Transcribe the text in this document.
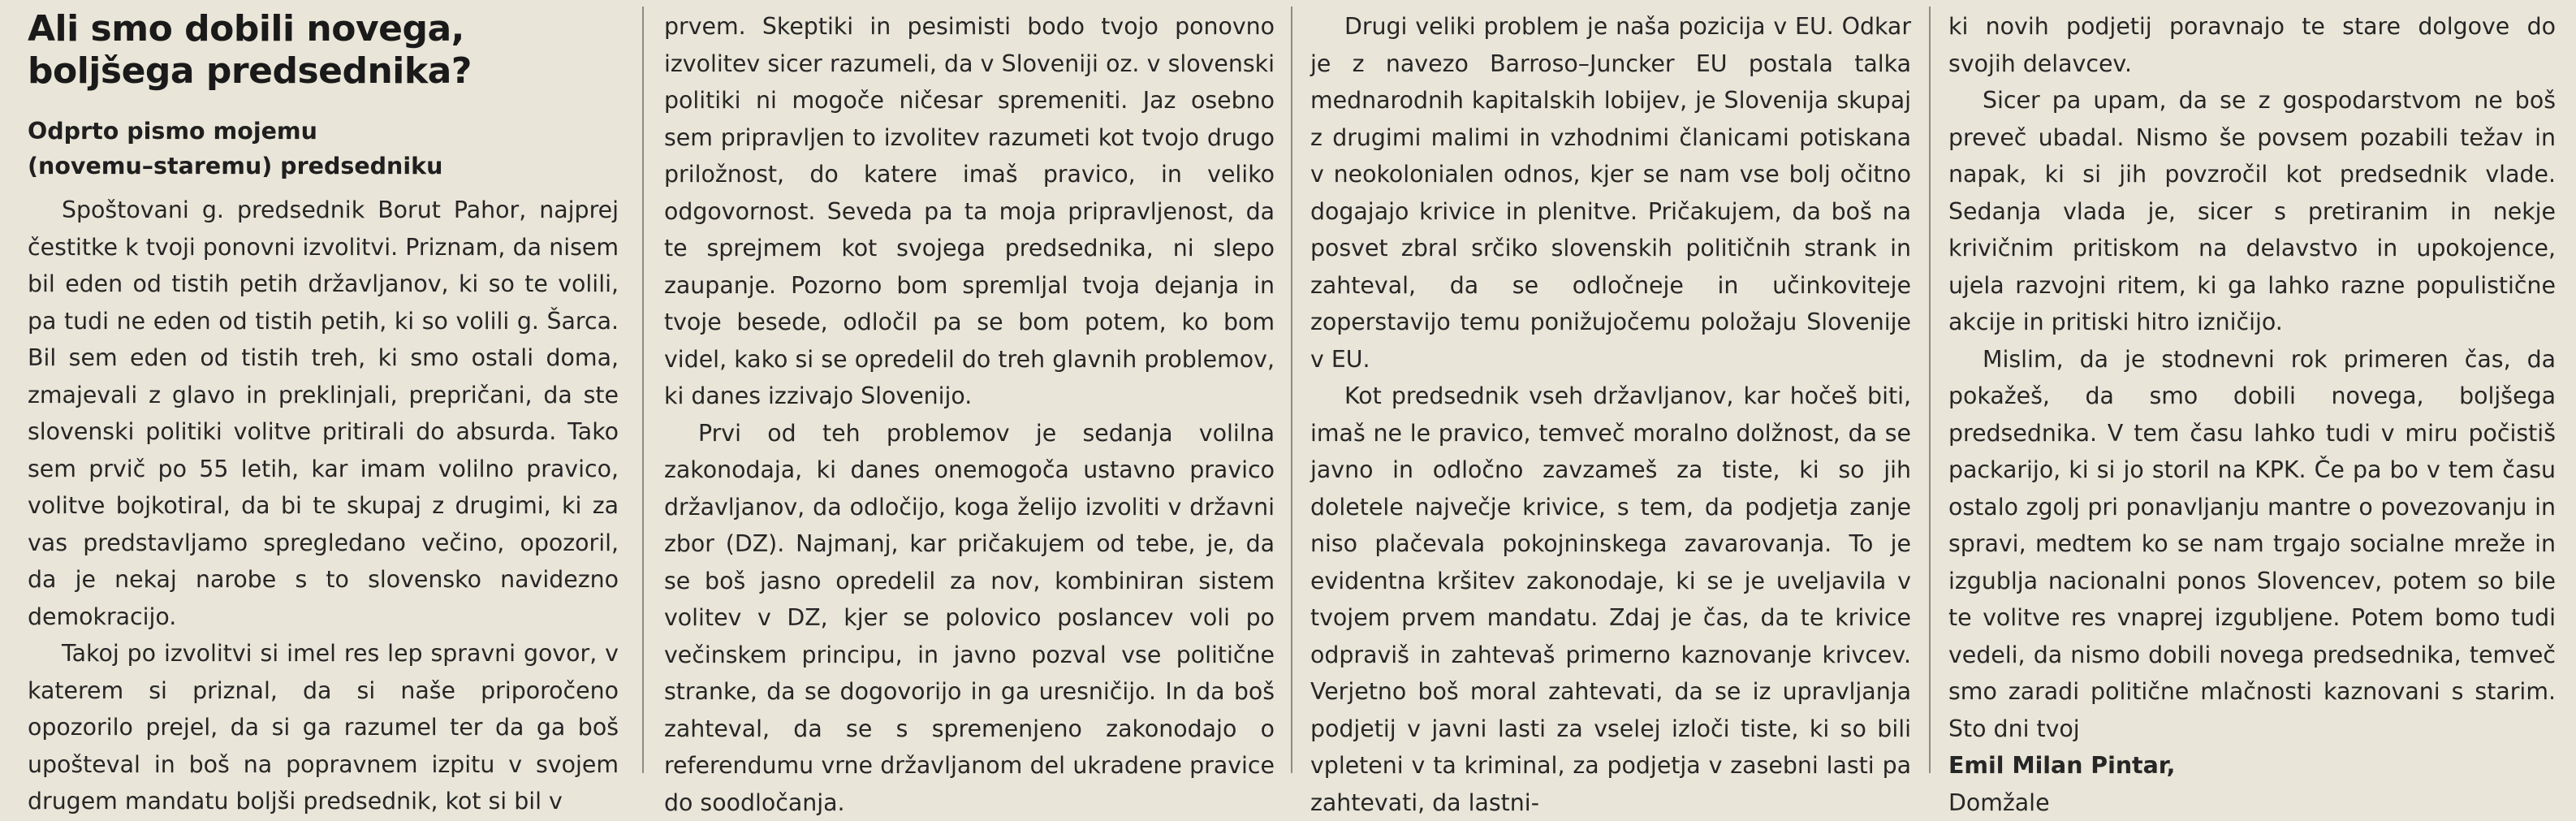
Ali smo dobili novega,
boljšega predsednika?
Odprto pismo mojemu
(novemu–staremu) predsedniku

Spoštovani g. predsednik Borut Pahor, najprej čestitke k tvoji ponovni izvolitvi. Priznam, da nisem bil eden od tistih petih državljanov, ki so te volili, pa tudi ne eden od tistih petih, ki so volili g. Šarca. Bil sem eden od tistih treh, ki smo ostali doma, zmajevali z glavo in preklinjali, prepričani, da ste slovenski politiki volitve pritirali do absurda. Tako sem prvič po 55 letih, kar imam volilno pravico, volitve bojkotiral, da bi te skupaj z drugimi, ki za vas predstavljamo spregledano večino, opozoril, da je nekaj narobe s to slovensko navidezno demokracijo.

Takoj po izvolitvi si imel res lep spravni govor, v katerem si priznal, da si naše priporočeno opozorilo prejel, da si ga razumel ter da ga boš upošteval in boš na popravnem izpitu v svojem drugem mandatu boljši predsednik, kot si bil v

prvem. Skeptiki in pesimisti bodo tvojo ponovno izvolitev sicer razumeli, da v Sloveniji oz. v slovenski politiki ni mogoče ničesar spremeniti. Jaz osebno sem pripravljen to izvolitev razumeti kot tvojo drugo priložnost, do katere imaš pravico, in veliko odgovornost. Seveda pa ta moja pripravljenost, da te sprejmem kot svojega predsednika, ni slepo zaupanje. Pozorno bom spremljal tvoja dejanja in tvoje besede, odločil pa se bom potem, ko bom videl, kako si se opredelil do treh glavnih problemov, ki danes izzivajo Slovenijo.

Prvi od teh problemov je sedanja volilna zakonodaja, ki danes onemogoča ustavno pravico državljanov, da odločijo, koga želijo izvoliti v državni zbor (DZ). Najmanj, kar pričakujem od tebe, je, da se boš jasno opredelil za nov, kombiniran sistem volitev v DZ, kjer se polovico poslancev voli po večinskem principu, in javno pozval vse politične stranke, da se dogovorijo in ga uresničijo. In da boš zahteval, da se s spremenjeno zakonodajo o referendumu vrne državljanom del ukradene pravice do soodločanja.

Drugi veliki problem je naša pozicija v EU. Odkar je z navezo Barroso–Juncker EU postala talka mednarodnih kapitalskih lobijev, je Slovenija skupaj z drugimi malimi in vzhodnimi članicami potiskana v neokolonialen odnos, kjer se nam vse bolj očitno dogajajo krivice in plenitve. Pričakujem, da boš na posvet zbral srčiko slovenskih političnih strank in zahteval, da se odločneje in učinkoviteje zoperstavijo temu ponižujočemu položaju Slovenije v EU.

Kot predsednik vseh državljanov, kar hočeš biti, imaš ne le pravico, temveč moralno dolžnost, da se javno in odločno zavzameš za tiste, ki so jih doletele največje krivice, s tem, da podjetja zanje niso plačevala pokojninskega zavarovanja. To je evidentna kršitev zakonodaje, ki se je uveljavila v tvojem prvem mandatu. Zdaj je čas, da te krivice odpraviš in zahtevaš primerno kaznovanje krivcev. Verjetno boš moral zahtevati, da se iz upravljanja podjetij v javni lasti za vselej izloči tiste, ki so bili vpleteni v ta kriminal, za podjetja v zasebni lasti pa zahtevati, da lastni-

ki novih podjetij poravnajo te stare dolgove do svojih delavcev.

Sicer pa upam, da se z gospodarstvom ne boš preveč ubadal. Nismo še povsem pozabili težav in napak, ki si jih povzročil kot predsednik vlade. Sedanja vlada je, sicer s pretiranim in nekje krivičnim pritiskom na delavstvo in upokojence, ujela razvojni ritem, ki ga lahko razne populistične akcije in pritiski hitro izničijo.

Mislim, da je stodnevni rok primeren čas, da pokažeš, da smo dobili novega, boljšega predsednika. V tem času lahko tudi v miru počistiš packarijo, ki si jo storil na KPK. Če pa bo v tem času ostalo zgolj pri ponavljanju mantre o povezovanju in spravi, medtem ko se nam trgajo socialne mreže in izgublja nacionalni ponos Slovencev, potem so bile te volitve res vnaprej izgubljene. Potem bomo tudi vedeli, da nismo dobili novega predsednika, temveč smo zaradi politične mlačnosti kaznovani s starim. Sto dni tvoj

Emil Milan Pintar,

Domžale
